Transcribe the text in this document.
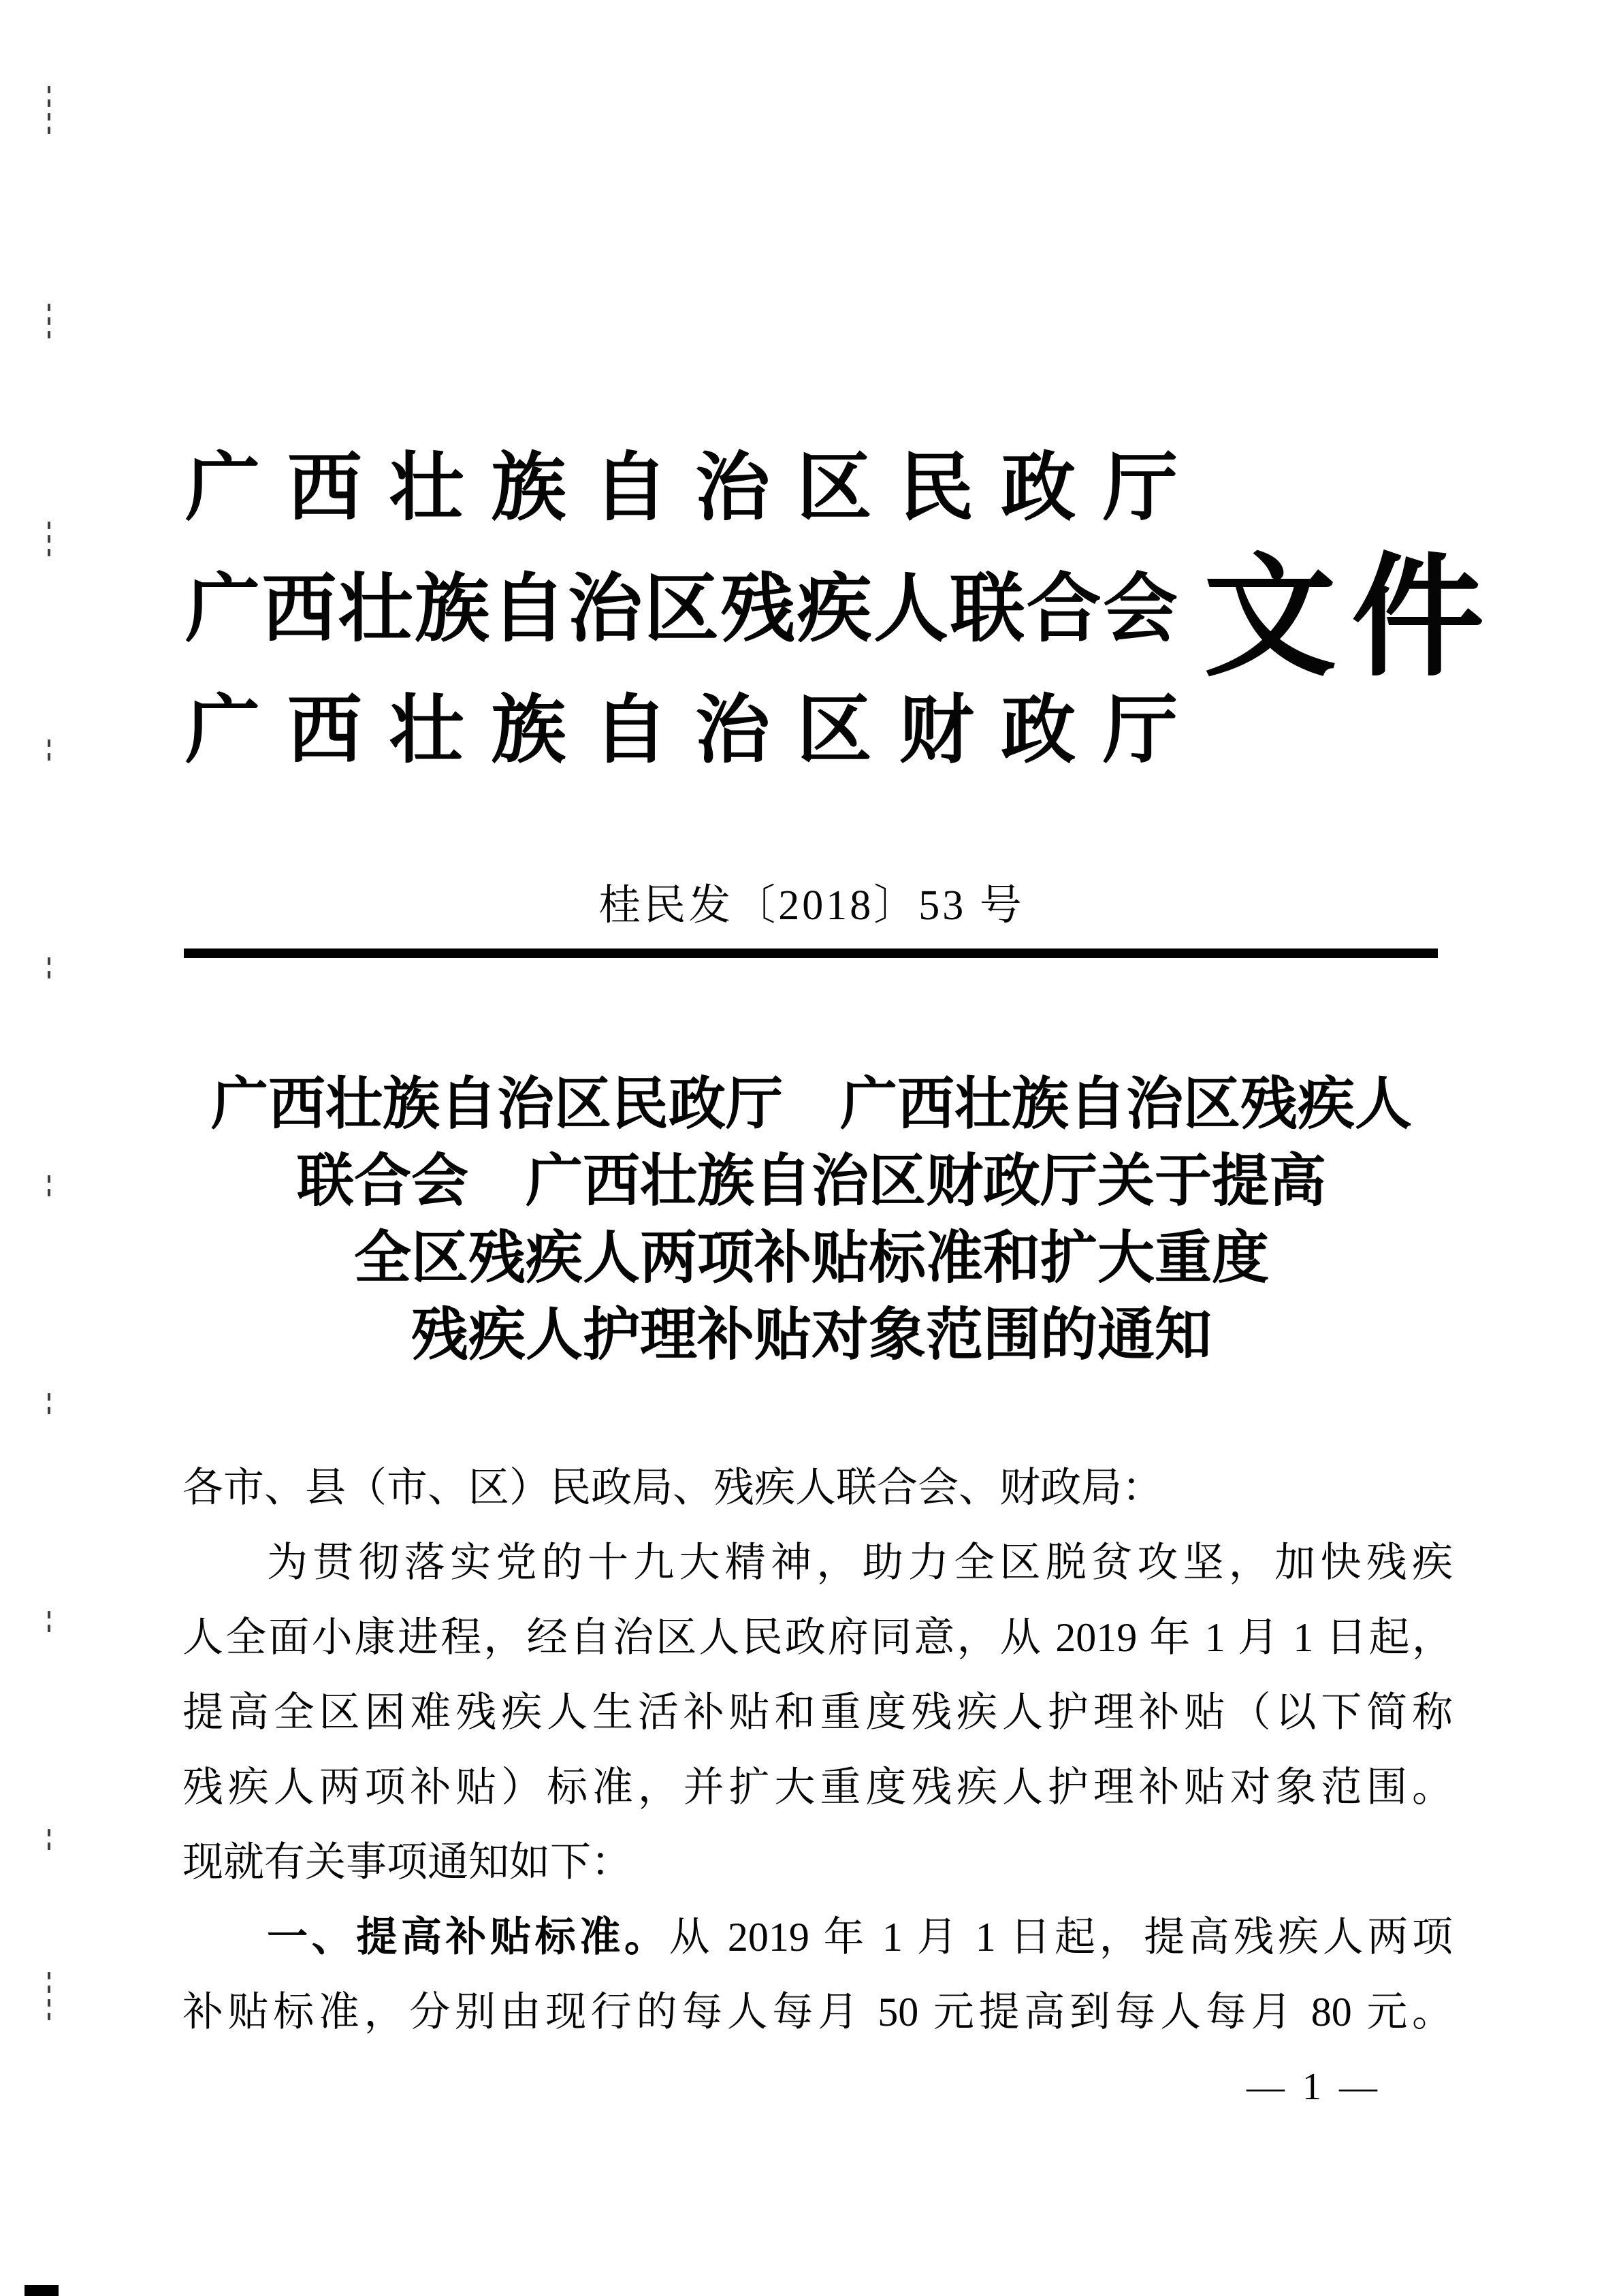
广西壮族自治区民政厅
广西壮族自治区残疾人联合会
广西壮族自治区财政厅
文件
桂民发〔2018〕53 号
广西壮族自治区民政厅　广西壮族自治区残疾人
联合会　广西壮族自治区财政厅关于提高
全区残疾人两项补贴标准和扩大重度
残疾人护理补贴对象范围的通知
各市、县（市、区）民政局、残疾人联合会、财政局：
为贯彻落实党的十九大精神，助力全区脱贫攻坚，加快残疾
人全面小康进程，经自治区人民政府同意，从 2019 年 1 月 1 日起，
提高全区困难残疾人生活补贴和重度残疾人护理补贴（以下简称
残疾人两项补贴）标准，并扩大重度残疾人护理补贴对象范围。
现就有关事项通知如下：
一、提高补贴标准。从 2019 年 1 月 1 日起，提高残疾人两项
补贴标准，分别由现行的每人每月 50 元提高到每人每月 80 元。
— 1 —
